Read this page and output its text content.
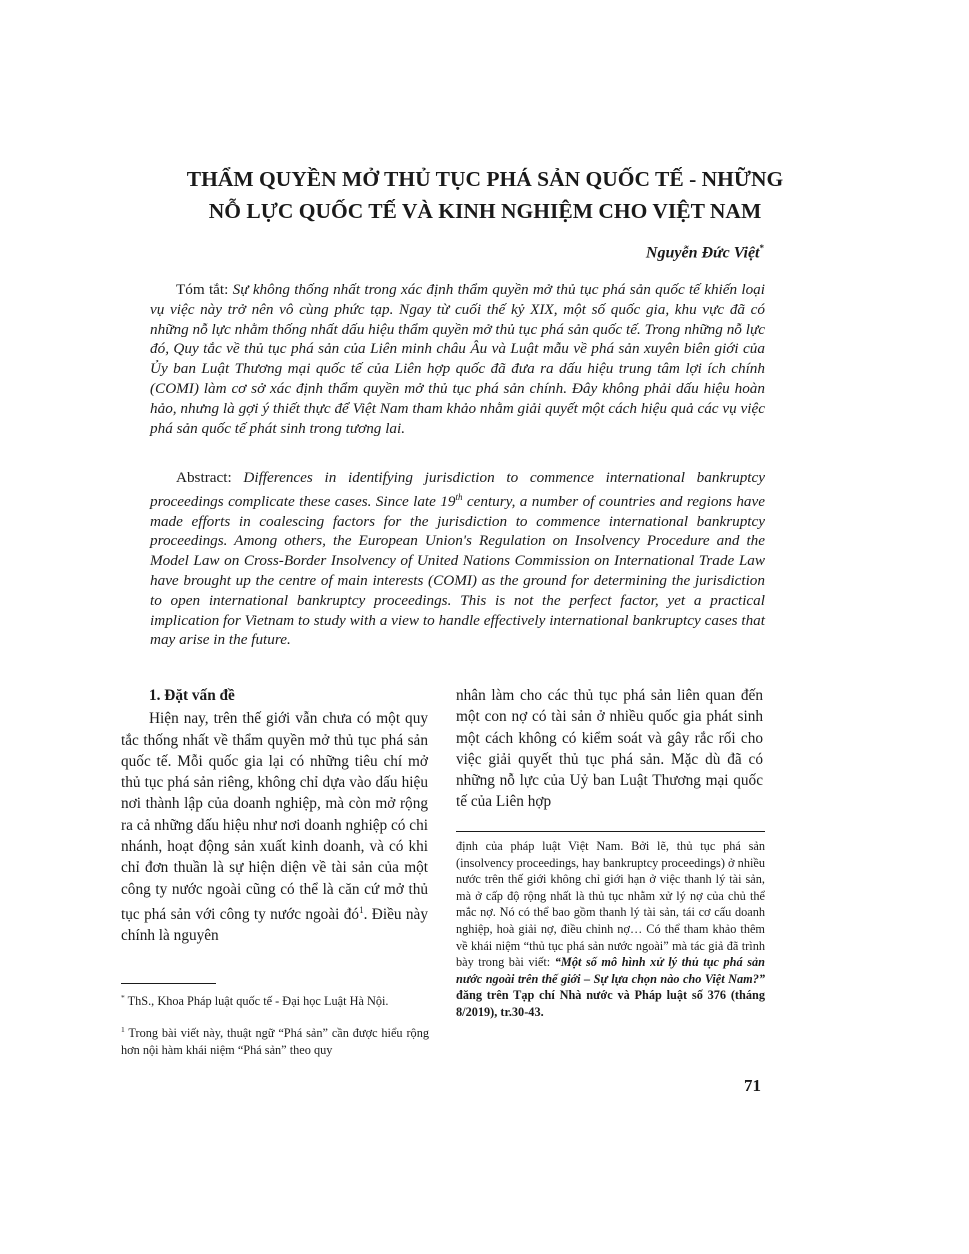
THẨM QUYỀN MỞ THỦ TỤC PHÁ SẢN QUỐC TẾ - NHỮNG
NỖ LỰC QUỐC TẾ VÀ KINH NGHIỆM CHO VIỆT NAM
Nguyễn Đức Việt*

Tóm tắt: Sự không thống nhất trong xác định thẩm quyền mở thủ tục phá sản quốc tế khiến loại vụ việc này trở nên vô cùng phức tạp. Ngay từ cuối thế kỷ XIX, một số quốc gia, khu vực đã có những nỗ lực nhằm thống nhất dấu hiệu thẩm quyền mở thủ tục phá sản quốc tế. Trong những nỗ lực đó, Quy tắc về thủ tục phá sản của Liên minh châu Âu và Luật mẫu về phá sản xuyên biên giới của Ủy ban Luật Thương mại quốc tế của Liên hợp quốc đã đưa ra dấu hiệu trung tâm lợi ích chính (COMI) làm cơ sở xác định thẩm quyền mở thủ tục phá sản chính. Đây không phải dấu hiệu hoàn hảo, nhưng là gợi ý thiết thực để Việt Nam tham khảo nhằm giải quyết một cách hiệu quả các vụ việc phá sản quốc tế phát sinh trong tương lai.

Abstract: Differences in identifying jurisdiction to commence international bankruptcy proceedings complicate these cases. Since late 19th century, a number of countries and regions have made efforts in coalescing factors for the jurisdiction to commence international bankruptcy proceedings. Among others, the European Union's Regulation on Insolvency Procedure and the Model Law on Cross-Border Insolvency of United Nations Commission on International Trade Law have brought up the centre of main interests (COMI) as the ground for determining the jurisdiction to open international bankruptcy proceedings. This is not the perfect factor, yet a practical implication for Vietnam to study with a view to handle effectively international bankruptcy cases that may arise in the future.

1. Đặt vấn đề

Hiện nay, trên thế giới vẫn chưa có một quy tắc thống nhất về thẩm quyền mở thủ tục phá sản quốc tế. Mỗi quốc gia lại có những tiêu chí mở thủ tục phá sản riêng, không chỉ dựa vào dấu hiệu nơi thành lập của doanh nghiệp, mà còn mở rộng ra cả những dấu hiệu như nơi doanh nghiệp có chi nhánh, hoạt động sản xuất kinh doanh, và có khi chỉ đơn thuần là sự hiện diện về tài sản của một công ty nước ngoài cũng có thể là căn cứ mở thủ tục phá sản với công ty nước ngoài $đó^1$. Điều này chính là nguyên

nhân làm cho các thủ tục phá sản liên quan đến một con nợ có tài sản ở nhiều quốc gia phát sinh một cách không có kiểm soát và gây rắc rối cho việc giải quyết thủ tục phá sản. Mặc dù đã có những nỗ lực của Uỷ ban Luật Thương mại quốc tế của Liên hợp

* ThS., Khoa Pháp luật quốc tế - Đại học Luật Hà Nội.

$^1$ Trong bài viết này, thuật ngữ “Phá sản” cần được hiểu rộng hơn nội hàm khái niệm “Phá sản” theo quy

định của pháp luật Việt Nam. Bởi lẽ, thủ tục phá sản (insolvency proceedings, hay bankruptcy proceedings) ở nhiều nước trên thế giới không chỉ giới hạn ở việc thanh lý tài sản, mà ở cấp độ rộng nhất là thủ tục nhằm xử lý nợ của chủ thể mắc nợ. Nó có thể bao gồm thanh lý tài sản, tái cơ cấu doanh nghiệp, hoà giải nợ, điều chỉnh nợ… Có thể tham khảo thêm về khái niệm “thủ tục phá sản nước ngoài” mà tác giả đã trình bày trong bài viết: “Một số mô hình xử lý thủ tục phá sản nước ngoài trên thế giới – Sự lựa chọn nào cho Việt Nam?” đăng trên Tạp chí Nhà nước và Pháp luật số 376 (tháng 8/2019), tr.30-43.

71
